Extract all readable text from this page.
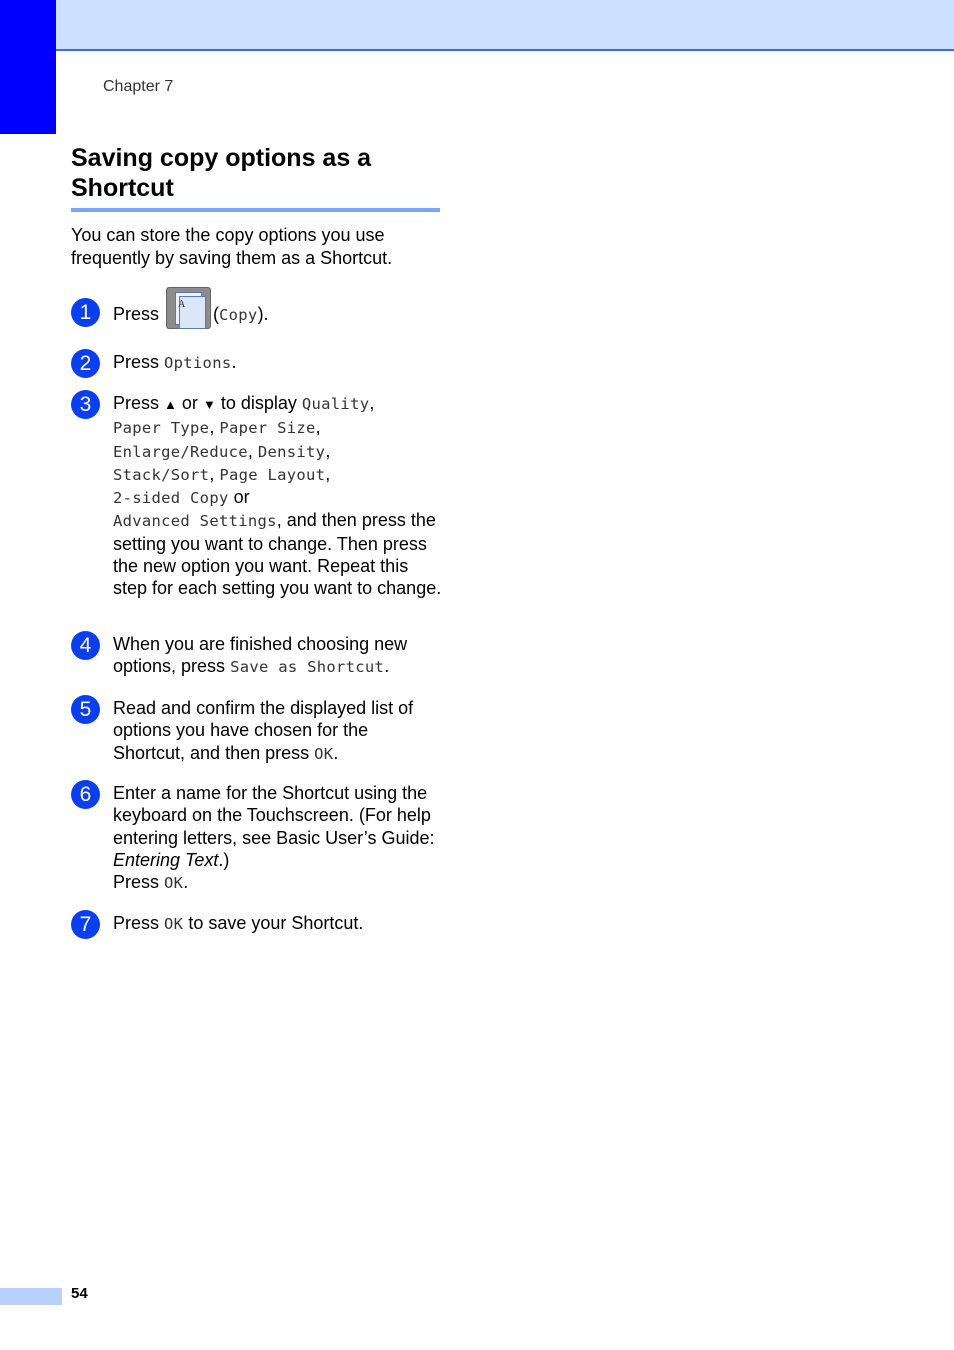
Chapter 7
Saving copy options as a Shortcut
You can store the copy options you use frequently by saving them as a Shortcut.
1	Press A (Copy).
2	Press Options.
3	Press ▲ or ▼ to display Quality,
Paper Type, Paper Size,
Enlarge/Reduce, Density,
Stack/Sort, Page Layout,
2-sided Copy or
Advanced Settings, and then press the setting you want to change. Then press the new option you want. Repeat this step for each setting you want to change.
4	When you are finished choosing new options, press Save as Shortcut.
5	Read and confirm the displayed list of options you have chosen for the Shortcut, and then press OK.
6	Enter a name for the Shortcut using the keyboard on the Touchscreen. (For help entering letters, see Basic User’s Guide: Entering Text.)
Press OK.
7	Press OK to save your Shortcut.
54
